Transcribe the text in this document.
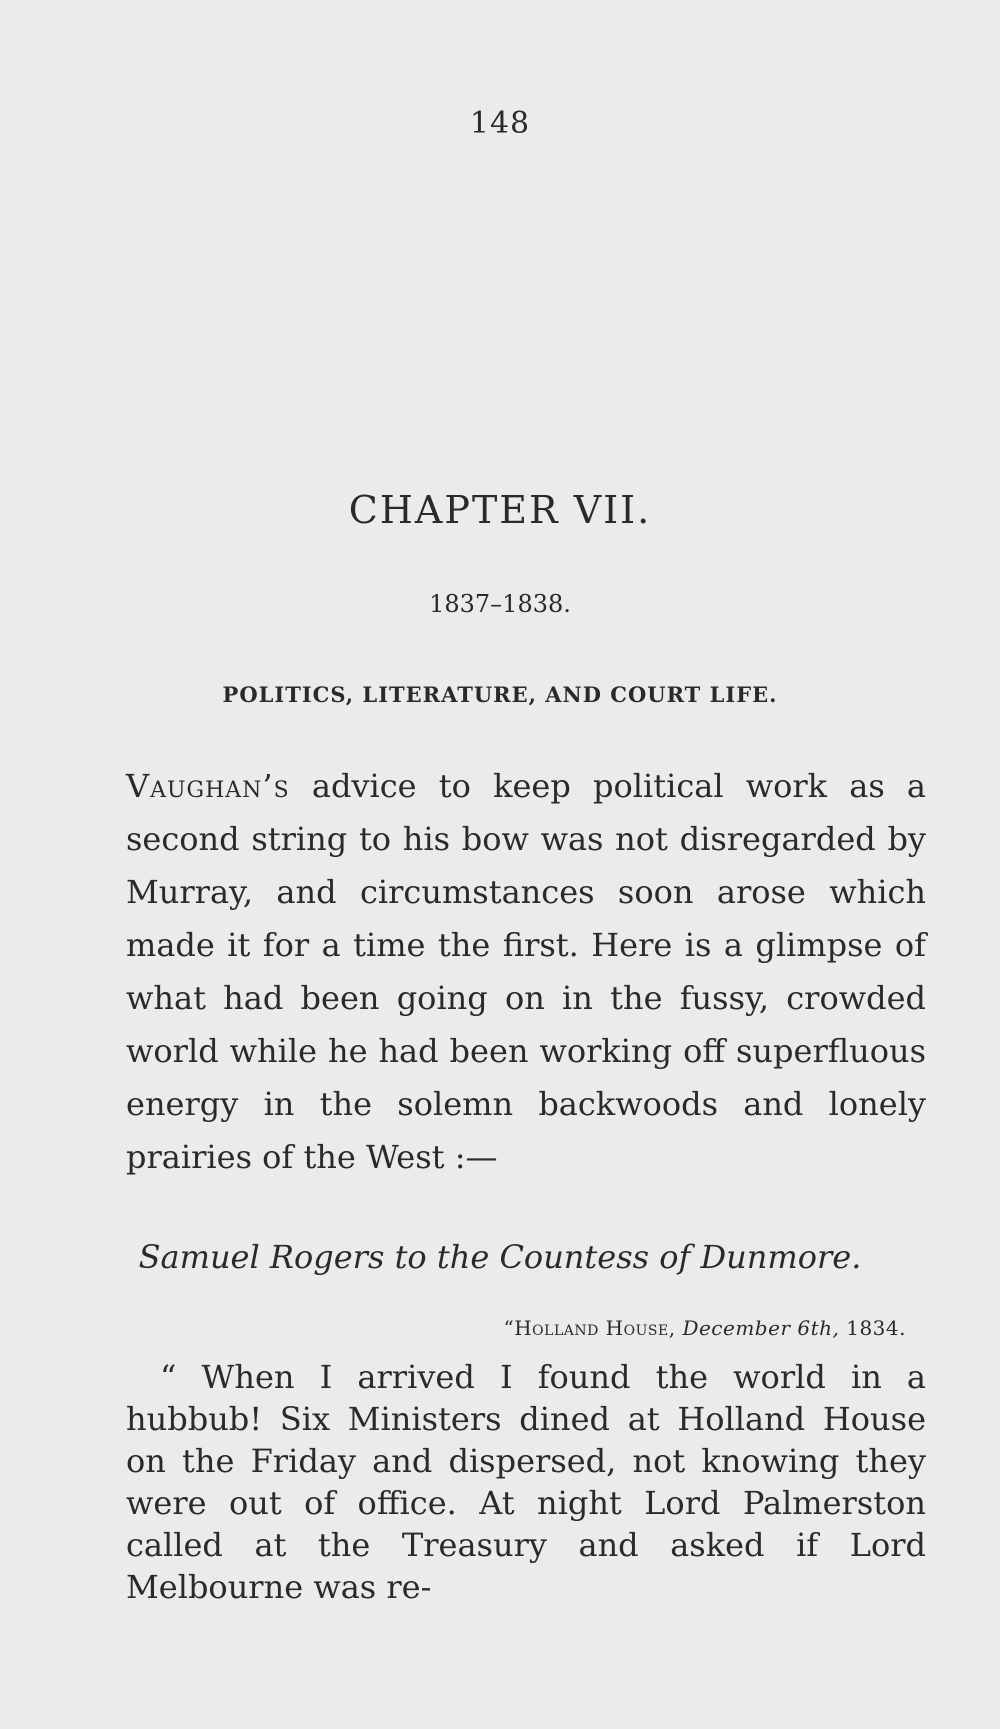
148
CHAPTER VII.
1837–1838.
POLITICS, LITERATURE, AND COURT LIFE.

Vaughan’s advice to keep political work as a second string to his bow was not disregarded by Murray, and circumstances soon arose which made it for a time the first. Here is a glimpse of what had been going on in the fussy, crowded world while he had been working off superfluous energy in the solemn backwoods and lonely prairies of the West :—

Samuel Rogers to the Countess of Dunmore.
“Holland House, December 6th, 1834.

“ When I arrived I found the world in a hubbub! Six Ministers dined at Holland House on the Friday and dispersed, not knowing they were out of office. At night Lord Palmerston called at the Treasury and asked if Lord Melbourne was re-
